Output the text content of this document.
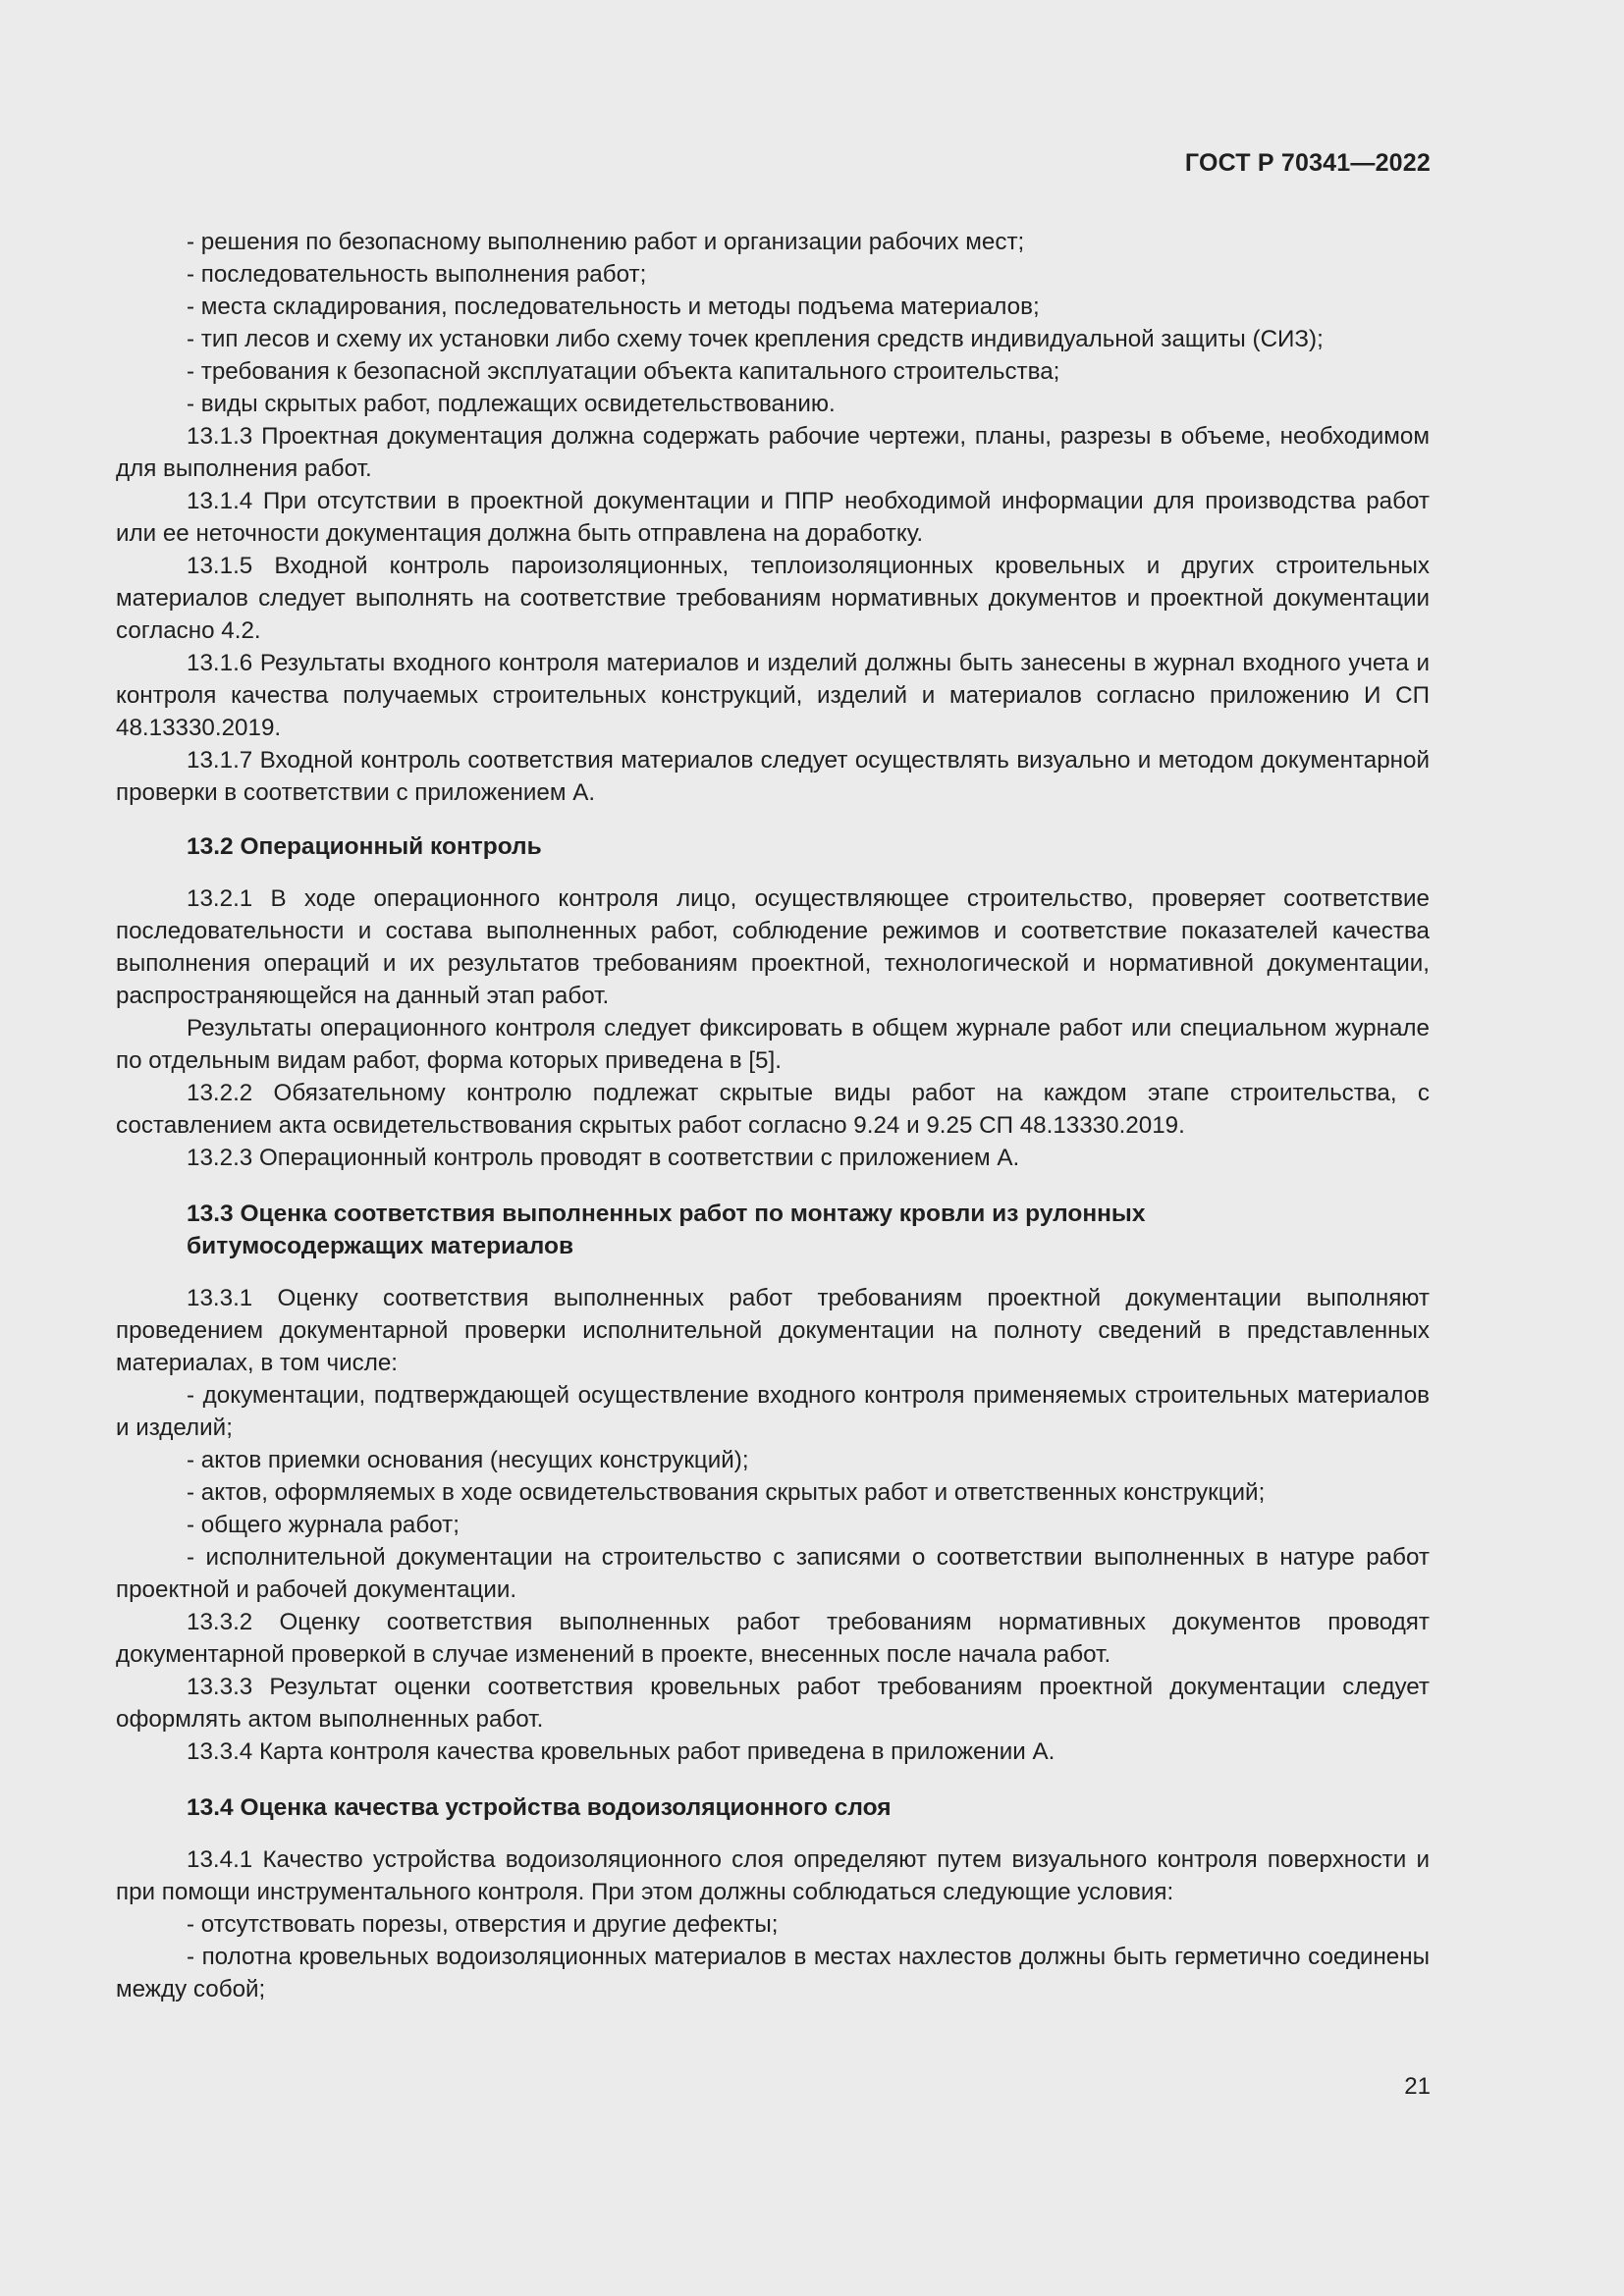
ГОСТ Р 70341—2022

- решения по безопасному выполнению работ и организации рабочих мест;

- последовательность выполнения работ;

- места складирования, последовательность и методы подъема материалов;

- тип лесов и схему их установки либо схему точек крепления средств индивидуальной защиты (СИЗ);

- требования к безопасной эксплуатации объекта капитального строительства;

- виды скрытых работ, подлежащих освидетельствованию.

13.1.3 Проектная документация должна содержать рабочие чертежи, планы, разрезы в объеме, необходимом для выполнения работ.

13.1.4 При отсутствии в проектной документации и ППР необходимой информации для производства работ или ее неточности документация должна быть отправлена на доработку.

13.1.5 Входной контроль пароизоляционных, теплоизоляционных кровельных и других строительных материалов следует выполнять на соответствие требованиям нормативных документов и проектной документации согласно 4.2.

13.1.6 Результаты входного контроля материалов и изделий должны быть занесены в журнал входного учета и контроля качества получаемых строительных конструкций, изделий и материалов согласно приложению И СП 48.13330.2019.

13.1.7 Входной контроль соответствия материалов следует осуществлять визуально и методом документарной проверки в соответствии с приложением А.

13.2 Операционный контроль

13.2.1 В ходе операционного контроля лицо, осуществляющее строительство, проверяет соответствие последовательности и состава выполненных работ, соблюдение режимов и соответствие показателей качества выполнения операций и их результатов требованиям проектной, технологической и нормативной документации, распространяющейся на данный этап работ.

Результаты операционного контроля следует фиксировать в общем журнале работ или специальном журнале по отдельным видам работ, форма которых приведена в [5].

13.2.2 Обязательному контролю подлежат скрытые виды работ на каждом этапе строительства, с составлением акта освидетельствования скрытых работ согласно 9.24 и 9.25 СП 48.13330.2019.

13.2.3 Операционный контроль проводят в соответствии с приложением А.

13.3 Оценка соответствия выполненных работ по монтажу кровли из рулонных битумосодержащих материалов

13.3.1 Оценку соответствия выполненных работ требованиям проектной документации выполняют проведением документарной проверки исполнительной документации на полноту сведений в представленных материалах, в том числе:

- документации, подтверждающей осуществление входного контроля применяемых строительных материалов и изделий;

- актов приемки основания (несущих конструкций);

- актов, оформляемых в ходе освидетельствования скрытых работ и ответственных конструкций;

- общего журнала работ;

- исполнительной документации на строительство с записями о соответствии выполненных в натуре работ проектной и рабочей документации.

13.3.2 Оценку соответствия выполненных работ требованиям нормативных документов проводят документарной проверкой в случае изменений в проекте, внесенных после начала работ.

13.3.3 Результат оценки соответствия кровельных работ требованиям проектной документации следует оформлять актом выполненных работ.

13.3.4 Карта контроля качества кровельных работ приведена в приложении А.

13.4 Оценка качества устройства водоизоляционного слоя

13.4.1 Качество устройства водоизоляционного слоя определяют путем визуального контроля поверхности и при помощи инструментального контроля. При этом должны соблюдаться следующие условия:

- отсутствовать порезы, отверстия и другие дефекты;

- полотна кровельных водоизоляционных материалов в местах нахлестов должны быть герметично соединены между собой;

21
